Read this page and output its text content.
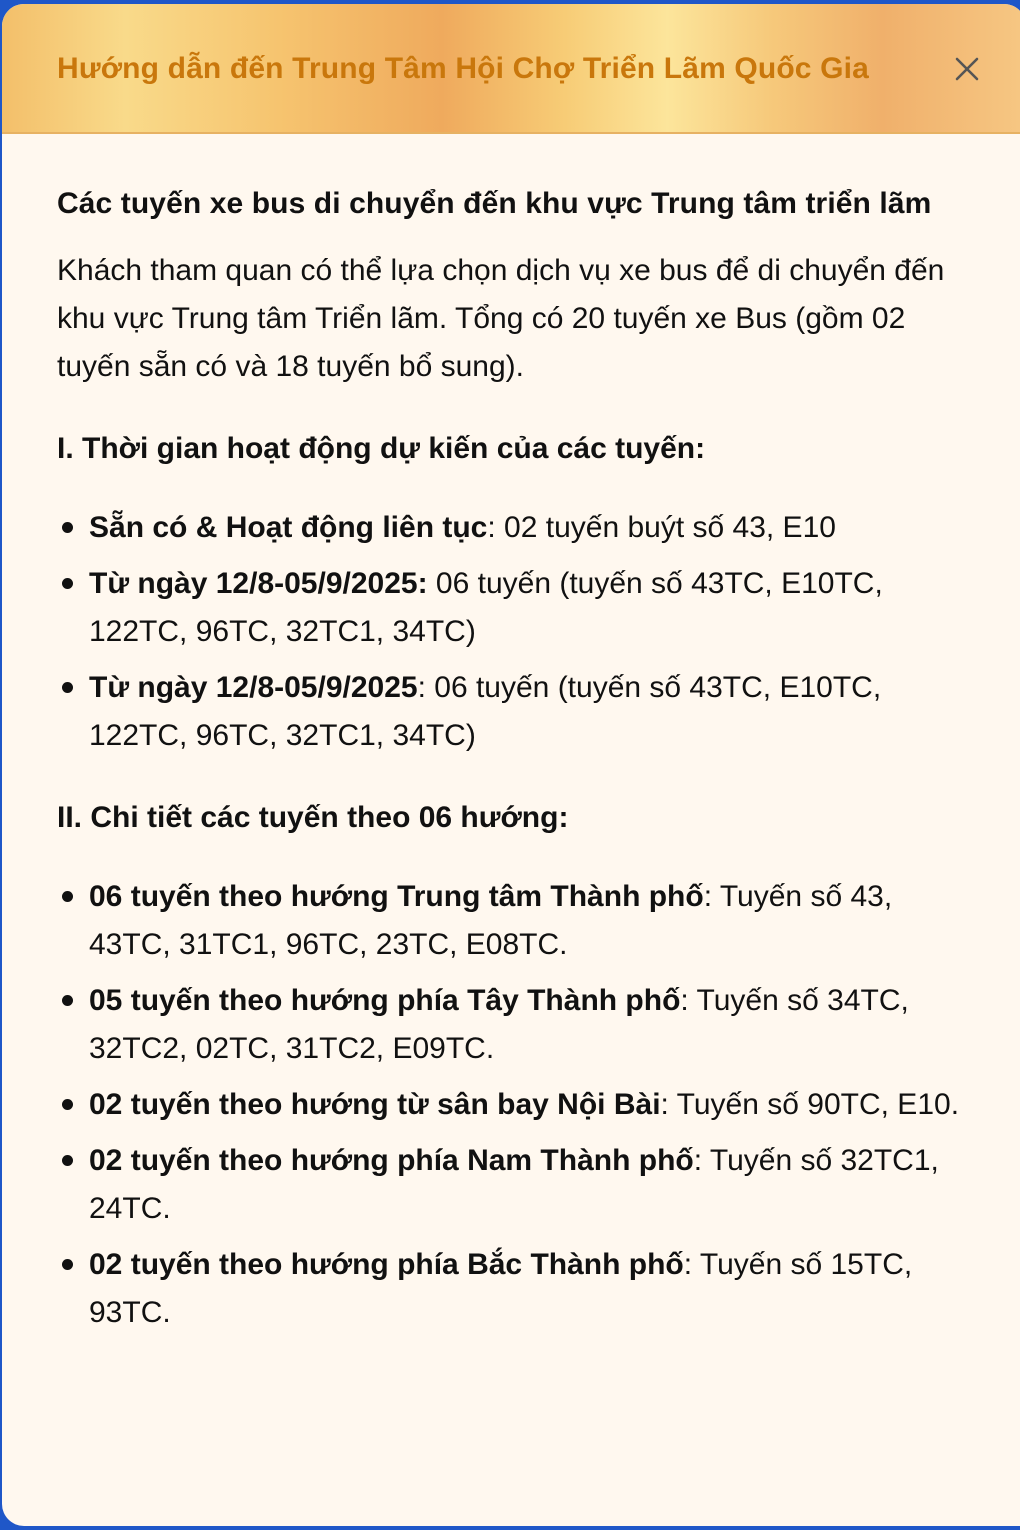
Hướng dẫn đến Trung Tâm Hội Chợ Triển Lãm Quốc Gia
Các tuyến xe bus di chuyển đến khu vực Trung tâm triển lãm

Khách tham quan có thể lựa chọn dịch vụ xe bus để di chuyển đến khu vực Trung tâm Triển lãm. Tổng có 20 tuyến xe Bus (gồm 02 tuyến sẵn có và 18 tuyến bổ sung).

I. Thời gian hoạt động dự kiến của các tuyến:
Sẵn có & Hoạt động liên tục: 02 tuyến buýt số 43, E10
Từ ngày 12/8-05/9/2025: 06 tuyến (tuyến số 43TC, E10TC, 122TC, 96TC, 32TC1, 34TC)
Từ ngày 12/8-05/9/2025: 06 tuyến (tuyến số 43TC, E10TC, 122TC, 96TC, 32TC1, 34TC)
II. Chi tiết các tuyến theo 06 hướng:
06 tuyến theo hướng Trung tâm Thành phố: Tuyến số 43, 43TC, 31TC1, 96TC, 23TC, E08TC.
05 tuyến theo hướng phía Tây Thành phố: Tuyến số 34TC, 32TC2, 02TC, 31TC2, E09TC.
02 tuyến theo hướng từ sân bay Nội Bài: Tuyến số 90TC, E10.
02 tuyến theo hướng phía Nam Thành phố: Tuyến số 32TC1, 24TC.
02 tuyến theo hướng phía Bắc Thành phố: Tuyến số 15TC, 93TC.
